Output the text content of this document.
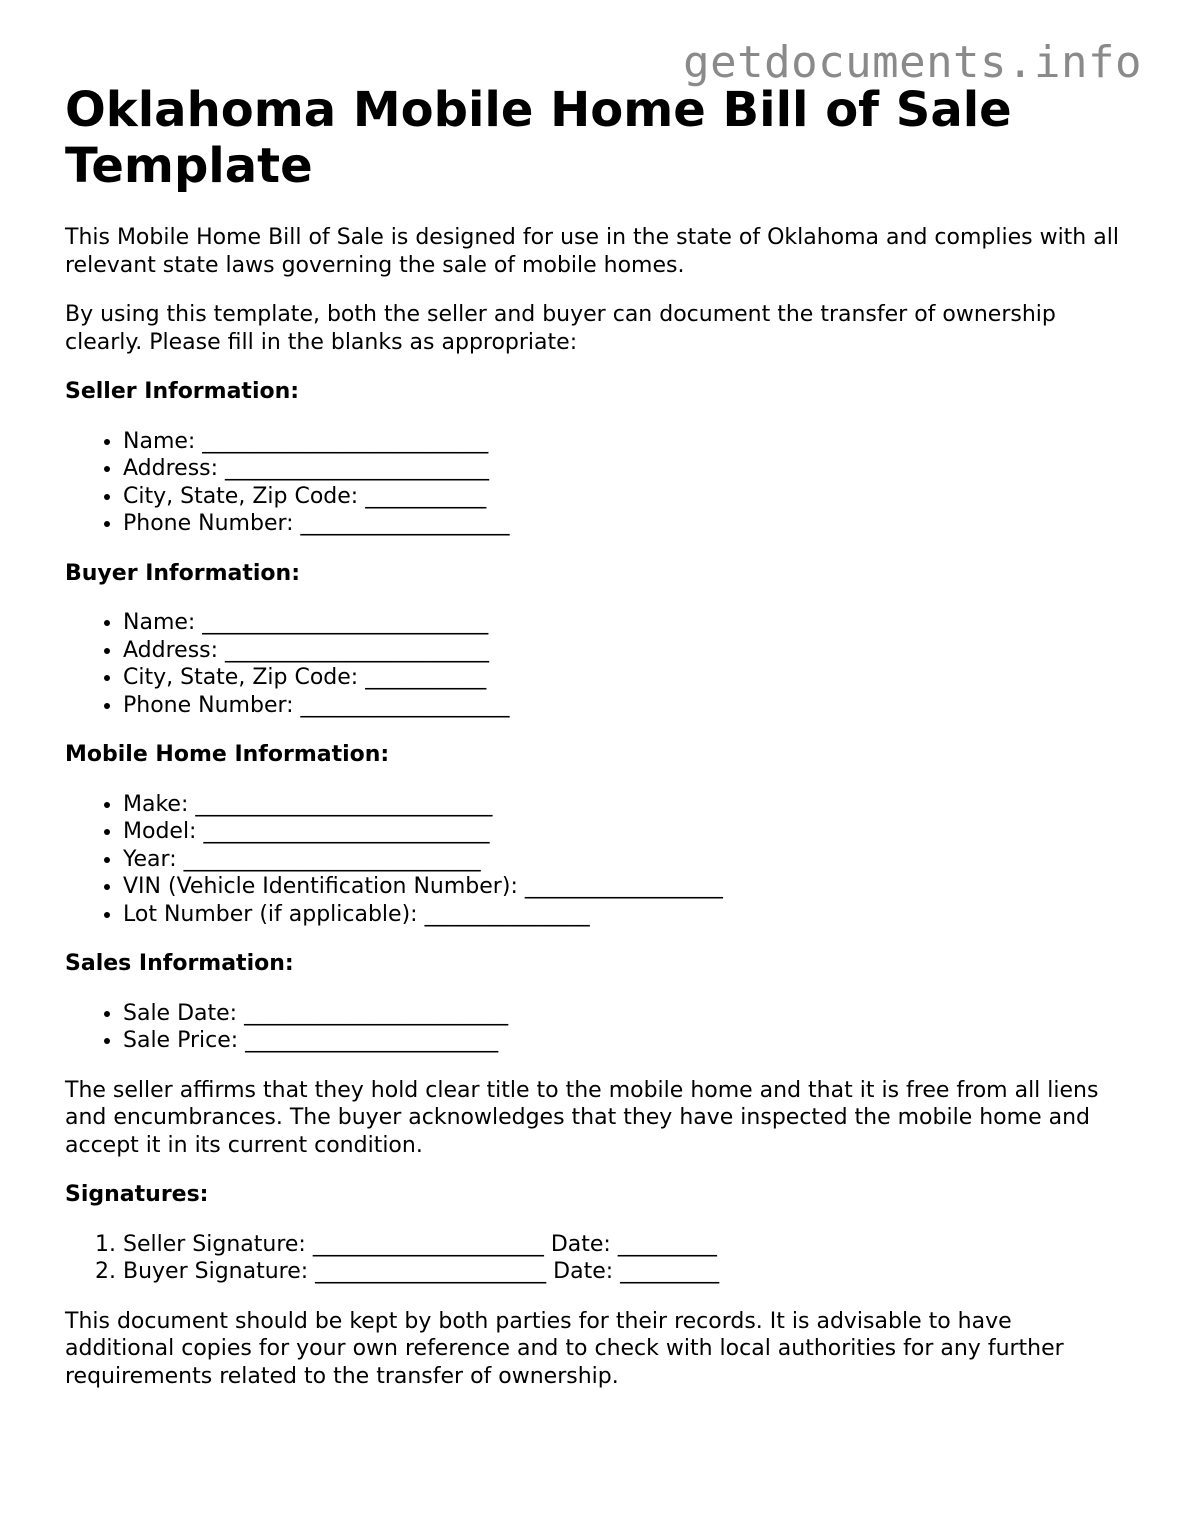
getdocuments.info
Oklahoma Mobile Home Bill of Sale Template

This Mobile Home Bill of Sale is designed for use in the state of Oklahoma and complies with all relevant state laws governing the sale of mobile homes.

By using this template, both the seller and buyer can document the transfer of ownership clearly. Please fill in the blanks as appropriate:

Seller Information:
• Name: __________________________
• Address: ________________________
• City, State, Zip Code: ___________
• Phone Number: ___________________
Buyer Information:
• Name: __________________________
• Address: ________________________
• City, State, Zip Code: ___________
• Phone Number: ___________________
Mobile Home Information:
• Make: ___________________________
• Model: __________________________
• Year: ___________________________
• VIN (Vehicle Identification Number): __________________
• Lot Number (if applicable): _______________
Sales Information:
• Sale Date: ________________________
• Sale Price: _______________________

The seller affirms that they hold clear title to the mobile home and that it is free from all liens and encumbrances. The buyer acknowledges that they have inspected the mobile home and accept it in its current condition.

Signatures:
1. Seller Signature: _____________________ Date: _________
2. Buyer Signature: _____________________ Date: _________

This document should be kept by both parties for their records. It is advisable to have additional copies for your own reference and to check with local authorities for any further requirements related to the transfer of ownership.
